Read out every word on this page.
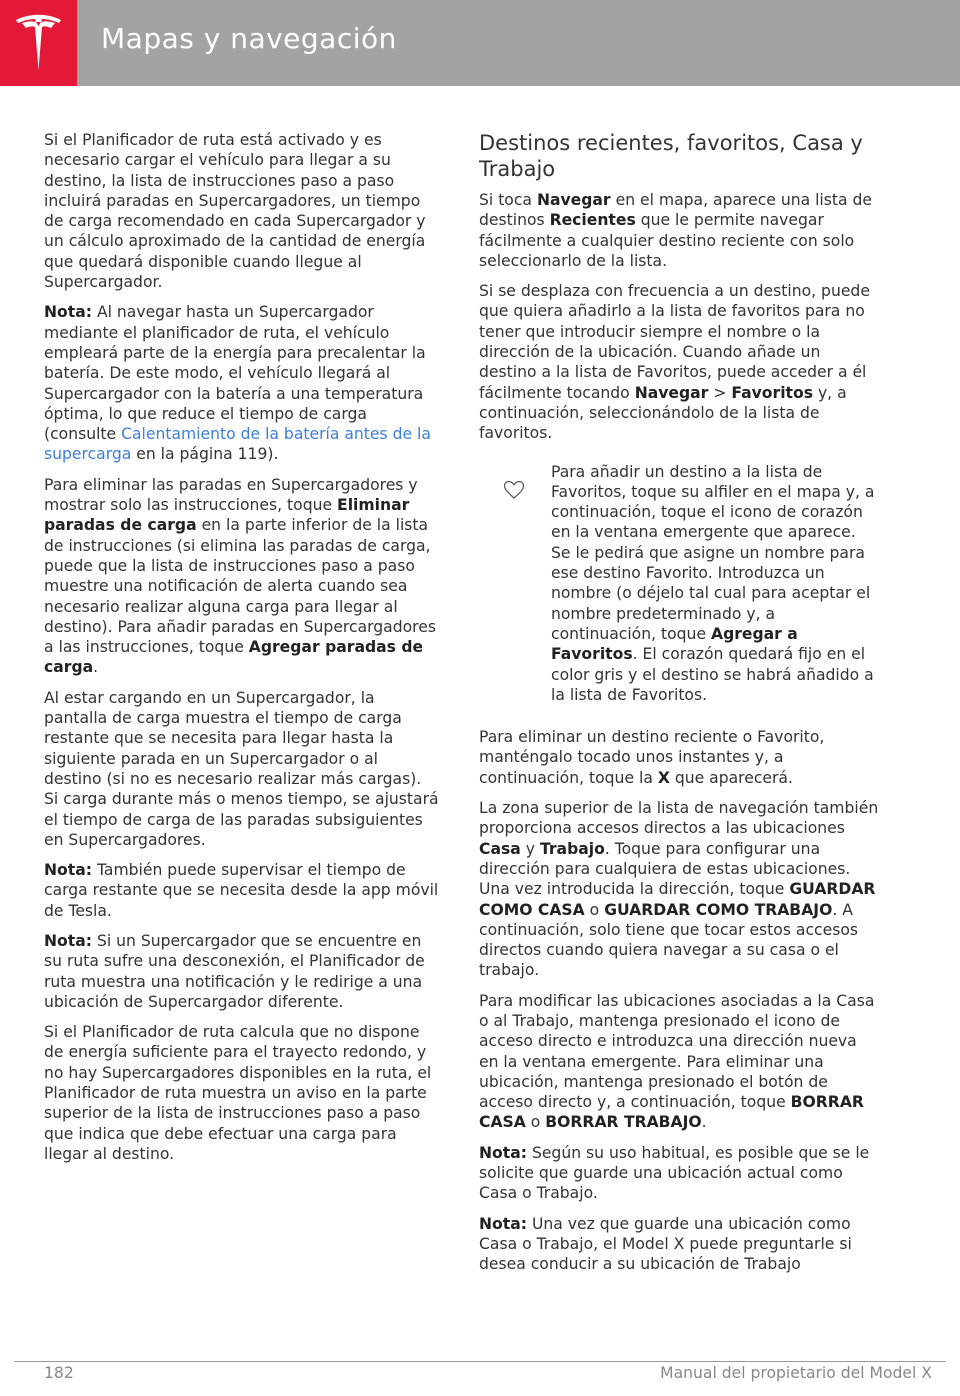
Mapas y navegación

Si el Planificador de ruta está activado y es necesario cargar el vehículo para llegar a su destino, la lista de instrucciones paso a paso incluirá paradas en Supercargadores, un tiempo de carga recomendado en cada Supercargador y un cálculo aproximado de la cantidad de energía que quedará disponible cuando llegue al Supercargador.

Nota: Al navegar hasta un Supercargador mediante el planificador de ruta, el vehículo empleará parte de la energía para precalentar la batería. De este modo, el vehículo llegará al Supercargador con la batería a una temperatura óptima, lo que reduce el tiempo de carga (consulte Calentamiento de la batería antes de la supercarga en la página 119).

Para eliminar las paradas en Supercargadores y mostrar solo las instrucciones, toque Eliminar paradas de carga en la parte inferior de la lista de instrucciones (si elimina las paradas de carga, puede que la lista de instrucciones paso a paso muestre una notificación de alerta cuando sea necesario realizar alguna carga para llegar al destino). Para añadir paradas en Supercargadores a las instrucciones, toque Agregar paradas de carga.

Al estar cargando en un Supercargador, la pantalla de carga muestra el tiempo de carga restante que se necesita para llegar hasta la siguiente parada en un Supercargador o al destino (si no es necesario realizar más cargas). Si carga durante más o menos tiempo, se ajustará el tiempo de carga de las paradas subsiguientes en Supercargadores.

Nota: También puede supervisar el tiempo de carga restante que se necesita desde la app móvil de Tesla.

Nota: Si un Supercargador que se encuentre en su ruta sufre una desconexión, el Planificador de ruta muestra una notificación y le redirige a una ubicación de Supercargador diferente.

Si el Planificador de ruta calcula que no dispone de energía suficiente para el trayecto redondo, y no hay Supercargadores disponibles en la ruta, el Planificador de ruta muestra un aviso en la parte superior de la lista de instrucciones paso a paso que indica que debe efectuar una carga para llegar al destino.

Destinos recientes, favoritos, Casa y Trabajo

Si toca Navegar en el mapa, aparece una lista de destinos Recientes que le permite navegar fácilmente a cualquier destino reciente con solo seleccionarlo de la lista.

Si se desplaza con frecuencia a un destino, puede que quiera añadirlo a la lista de favoritos para no tener que introducir siempre el nombre o la dirección de la ubicación. Cuando añade un destino a la lista de Favoritos, puede acceder a él fácilmente tocando Navegar > Favoritos y, a continuación, seleccionándolo de la lista de favoritos.

Para añadir un destino a la lista de Favoritos, toque su alfiler en el mapa y, a continuación, toque el icono de corazón en la ventana emergente que aparece. Se le pedirá que asigne un nombre para ese destino Favorito. Introduzca un nombre (o déjelo tal cual para aceptar el nombre predeterminado y, a continuación, toque Agregar a Favoritos. El corazón quedará fijo en el color gris y el destino se habrá añadido a la lista de Favoritos.

Para eliminar un destino reciente o Favorito, manténgalo tocado unos instantes y, a continuación, toque la X que aparecerá.

La zona superior de la lista de navegación también proporciona accesos directos a las ubicaciones Casa y Trabajo. Toque para configurar una dirección para cualquiera de estas ubicaciones. Una vez introducida la dirección, toque GUARDAR COMO CASA o GUARDAR COMO TRABAJO. A continuación, solo tiene que tocar estos accesos directos cuando quiera navegar a su casa o el trabajo.

Para modificar las ubicaciones asociadas a la Casa o al Trabajo, mantenga presionado el icono de acceso directo e introduzca una dirección nueva en la ventana emergente. Para eliminar una ubicación, mantenga presionado el botón de acceso directo y, a continuación, toque BORRAR CASA o BORRAR TRABAJO.

Nota: Según su uso habitual, es posible que se le solicite que guarde una ubicación actual como Casa o Trabajo.

Nota: Una vez que guarde una ubicación como Casa o Trabajo, el Model X puede preguntarle si desea conducir a su ubicación de Trabajo

182	Manual del propietario del Model X
